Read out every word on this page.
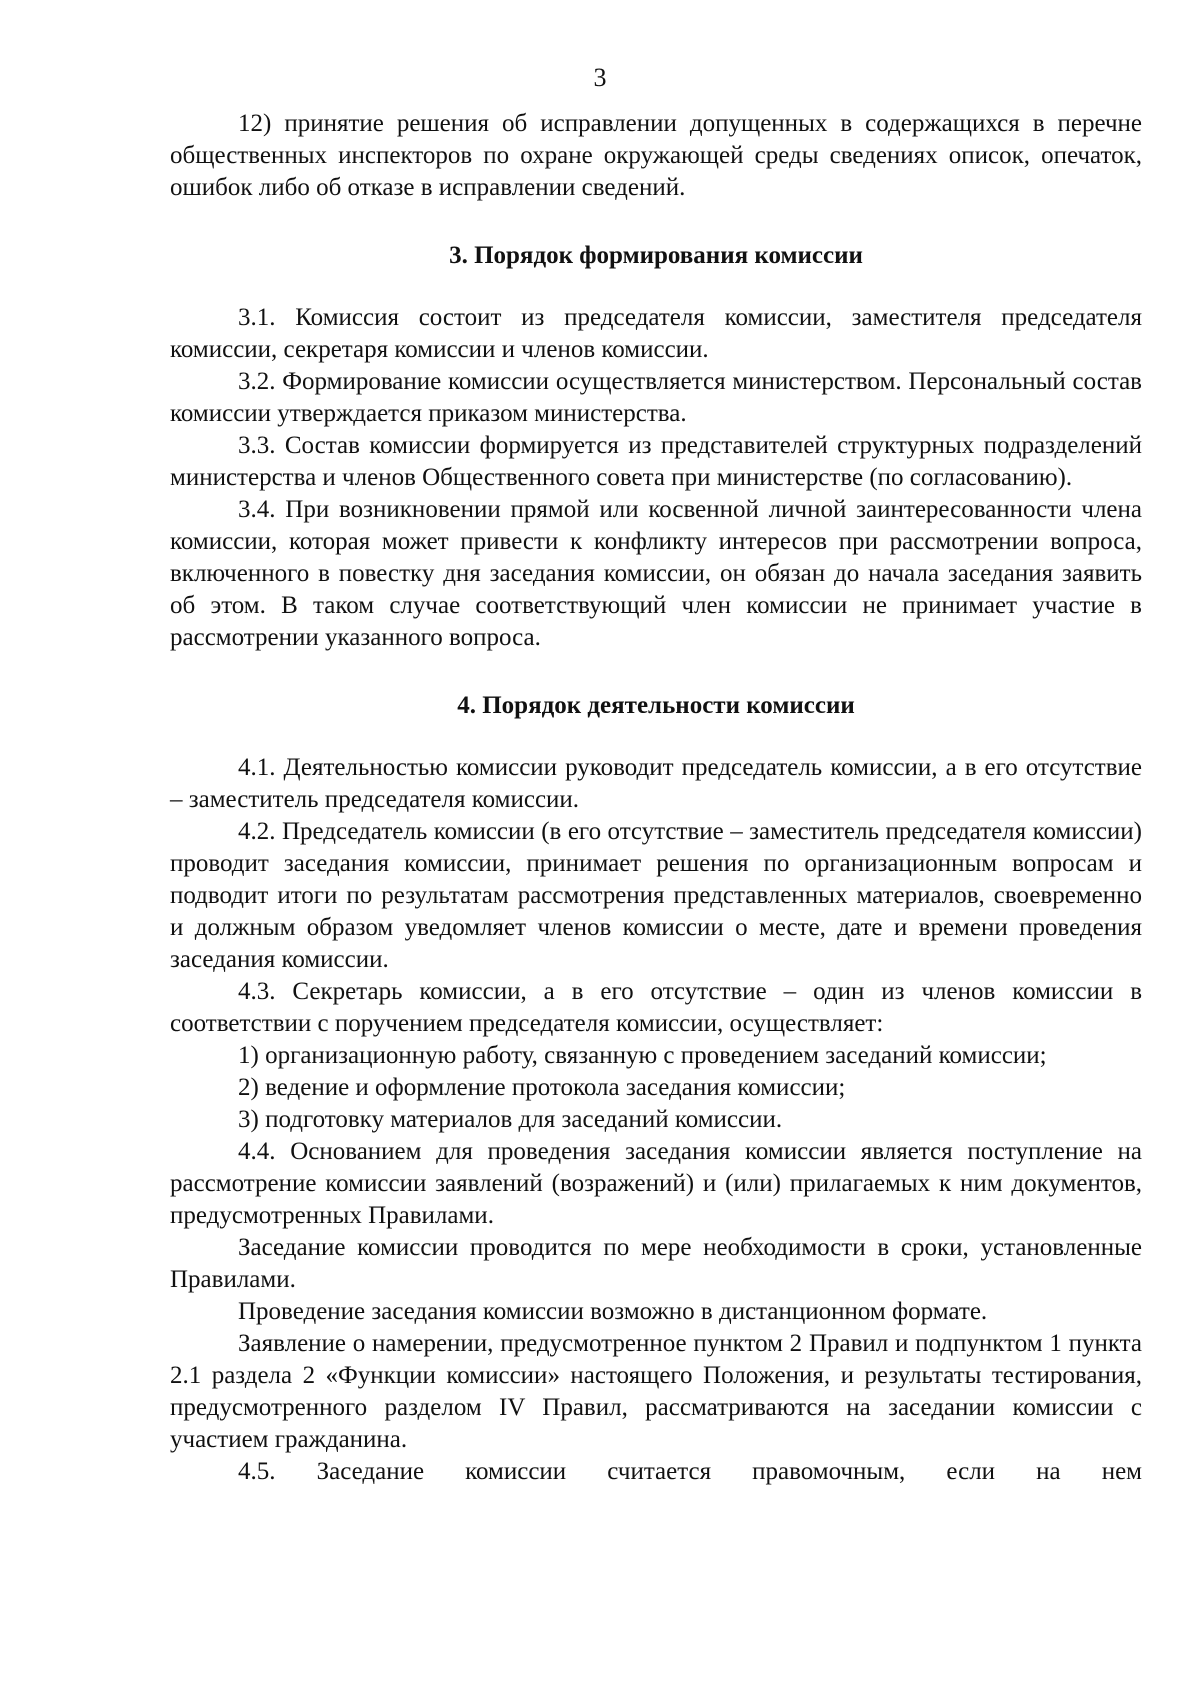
3

12) принятие решения об исправлении допущенных в содержащихся в перечне общественных инспекторов по охране окружающей среды сведениях описок, опечаток, ошибок либо об отказе в исправлении сведений.

3. Порядок формирования комиссии

3.1. Комиссия состоит из председателя комиссии, заместителя председателя комиссии, секретаря комиссии и членов комиссии.

3.2. Формирование комиссии осуществляется министерством. Персональный состав комиссии утверждается приказом министерства.

3.3. Состав комиссии формируется из представителей структурных подразделений министерства и членов Общественного совета при министерстве (по согласованию).

3.4. При возникновении прямой или косвенной личной заинтересованности члена комиссии, которая может привести к конфликту интересов при рассмотрении вопроса, включенного в повестку дня заседания комиссии, он обязан до начала заседания заявить об этом. В таком случае соответствующий член комиссии не принимает участие в рассмотрении указанного вопроса.

4. Порядок деятельности комиссии

4.1. Деятельностью комиссии руководит председатель комиссии, а в его отсутствие – заместитель председателя комиссии.

4.2. Председатель комиссии (в его отсутствие – заместитель председателя комиссии) проводит заседания комиссии, принимает решения по организационным вопросам и подводит итоги по результатам рассмотрения представленных материалов, своевременно и должным образом уведомляет членов комиссии о месте, дате и времени проведения заседания комиссии.

4.3. Секретарь комиссии, а в его отсутствие – один из членов комиссии в соответствии с поручением председателя комиссии, осуществляет:

1) организационную работу, связанную с проведением заседаний комиссии;

2) ведение и оформление протокола заседания комиссии;

3) подготовку материалов для заседаний комиссии.

4.4. Основанием для проведения заседания комиссии является поступление на рассмотрение комиссии заявлений (возражений) и (или) прилагаемых к ним документов, предусмотренных Правилами.

Заседание комиссии проводится по мере необходимости в сроки, установленные Правилами.

Проведение заседания комиссии возможно в дистанционном формате.

Заявление о намерении, предусмотренное пунктом 2 Правил и подпунктом 1 пункта 2.1 раздела 2 «Функции комиссии» настоящего Положения, и результаты тестирования, предусмотренного разделом IV Правил, рассматриваются на заседании комиссии с участием гражданина.

4.5. Заседание комиссии считается правомочным, если на нем
